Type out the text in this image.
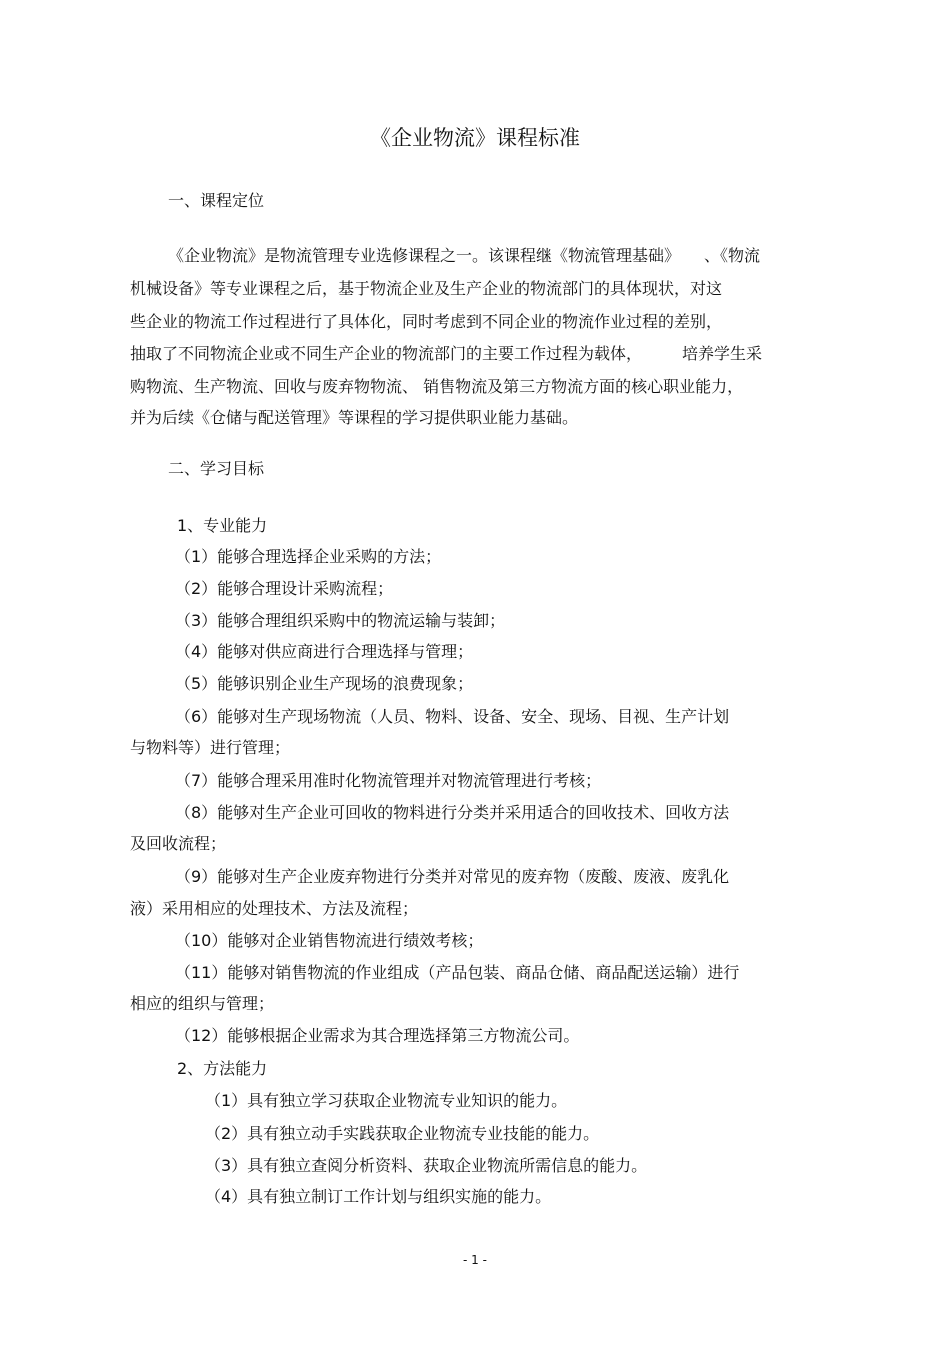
《企业物流》课程标准
一、课程定位
《企业物流》是物流管理专业选修课程之一。该课程继《物流管理基础》　　、《物流
机械设备》等专业课程之后，基于物流企业及生产企业的物流部门的具体现状，对这
些企业的物流工作过程进行了具体化，同时考虑到不同企业的物流作业过程的差别，
抽取了不同物流企业或不同生产企业的物流部门的主要工作过程为载体，　　　培养学生采
购物流、生产物流、回收与废弃物物流、 销售物流及第三方物流方面的核心职业能力，
并为后续《仓储与配送管理》等课程的学习提供职业能力基础。
二、学习目标
1、专业能力
（1）能够合理选择企业采购的方法；
（2）能够合理设计采购流程；
（3）能够合理组织采购中的物流运输与装卸；
（4）能够对供应商进行合理选择与管理；
（5）能够识别企业生产现场的浪费现象；
（6）能够对生产现场物流（人员、物料、设备、安全、现场、目视、生产计划
与物料等）进行管理；
（7）能够合理采用准时化物流管理并对物流管理进行考核；
（8）能够对生产企业可回收的物料进行分类并采用适合的回收技术、回收方法
及回收流程；
（9）能够对生产企业废弃物进行分类并对常见的废弃物（废酸、废液、废乳化
液）采用相应的处理技术、方法及流程；
（10）能够对企业销售物流进行绩效考核；
（11）能够对销售物流的作业组成（产品包装、商品仓储、商品配送运输）进行
相应的组织与管理；
（12）能够根据企业需求为其合理选择第三方物流公司。
2、方法能力
（1）具有独立学习获取企业物流专业知识的能力。
（2）具有独立动手实践获取企业物流专业技能的能力。
（3）具有独立查阅分析资料、获取企业物流所需信息的能力。
（4）具有独立制订工作计划与组织实施的能力。
- 1 -
